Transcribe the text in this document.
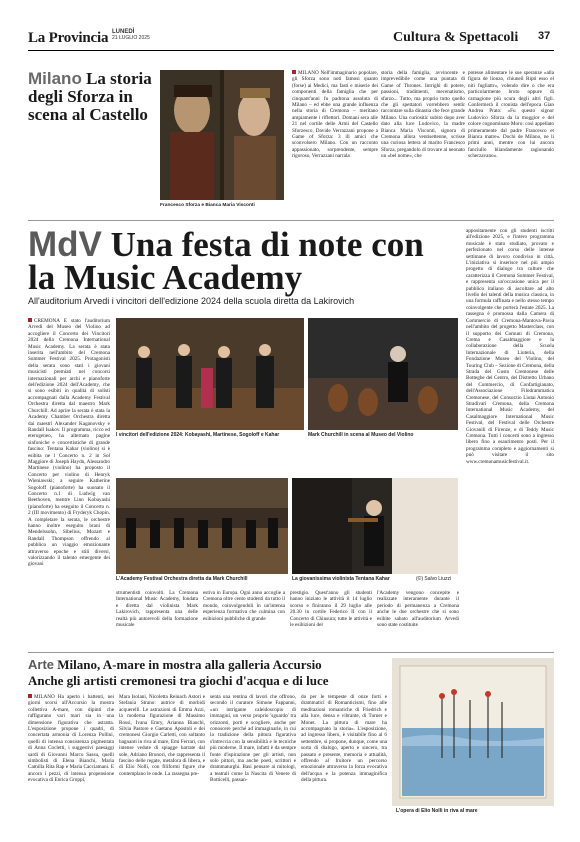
La Provincia LUNEDÌ
21 LUGLIO 2025	Cultura & Spettacoli 37
Milano La storia degli Sforza in scena al Castello
Francesco Sforza e Bianca Maria Visconti
MILANO Nell'immaginario popolare, gli Sforza sono noti famosi quanto (forse) ai Medici, ma fasti e miserie dei componenti della famiglia che per cinquant'anni fu padrona assoluta di Milano – ed ebbe una grande influenza nella storia di Cremona – meritano ampiamente i riflettori. Domani sera alle 21 nel cortile delle Armi del Castello Sforzesco, Davide Verrazzani propone a Game of Sforza: 3 ill amici che sconvolsero Milano. Con un racconto appassionato, sorprendente, sempre rigoroso, Verrazzani narrala
storia della famiglia, avvincente e imprevedibile come una puntata di Game of Thrones. Intrighi di potere, passioni, tradimenti, mecenatismo, sfarzo... Tutto, ma proprio tutto quello che gli spettatori vorrebbero sentir raccontare sulla dinastia che fece grande Milano. Una curiosità: subito dopo aver dato alla luce Ludovico, la madre Bianca Maria Visconti, signora di Cremona allora ventisettenne, scrisse una curiosa lettera al marito Francesco Sforza, pregandolo di trovare al neonato un «bel nome», che
potesse alimentare le sue speranze «alla figura de lionzo, chiuneil Ripti esso el niti fugliattr», volendo dire o che era particolarmente bruto oppure di carnagione più scura degli altri figli. Confermerà il cronista dell'epoca Gian Andrea Prato: «Fu questo signor Ludovico Sforza da la moggior e del colore cognominato Moro: così appellato primeramente dal padre Francesco et Bianca matre». Dochi de Milano, ne li primi anni, mentre con lui ancora fanciullo bliandamente ragionando scherzavano».
MdV Una festa di note con la Music Academy
All'auditorium Arvedi i vincitori dell'edizione 2024 della scuola diretta da Lakirovich
CREMONA È stato l'auditorium Arvedi del Museo del Violino ad accogliere il Concerto dei Vincitori 2024 della Cremona International Music Academy. La serata è stata inserita nell'ambito del Cremona Summer Festival 2025. Protagonisti della serata sono stati i giovani musicisti premiati nei concorsi internazionali per archi e pianoforte dell'edizione 2024 dell'Academy, che si sono esibiti in qualità di solisti accompagnati dalla Academy Festival Orchestra diretta dal maestro Mark Churchill. Ad aprire la serata è stata la Academy Chamber Orchestra diretta dai maestri Alexander Kaganovsky e Randall Isakov. Il programma, ricco ed eterogeneo, ha alternato pagine sinfoniche e concertistiche di grande fascino: Tentana Kahar (violino) si è esibita ne l Concerto n. 2 in Sol Maggiore di Joseph Haydn, Alessandro Martinese (violino) ha proposto il Concerto per violino di Henryk Wieniawski; a seguire Katherine Sogoloff (pianoforte) ha suonato il Concerto n.1 di Ludwig van Beethoven, mentre Linn Kobayashi (pianoforte) ha eseguito il Concerto n. 2 (III movimento) di Fryderyk Chopin. A completare la serata, le orchestre hanno inoltre eseguito brani di Mendelssohn, Sibelius, Mozart e Randall Thompson offrendo al pubblico un viaggio emozionante attraverso epoche e stili diversi, valorizzando il talento emergente dei giovani
I vincitori dell'edizione 2024: Kobayashi, Martinese, Sogoloff e Kahar	Mark Churchill in scena al Museo del Violino
L'Academy Festival Orchestra diretta da Mark Churchill	La giovanissima violinista Tentana Kahar	(©) Salvo Liuzzi
appositamente con gli studenti iscritti all'edizione 2025, e l'intero programma musicale è stato studiato, provato e perfezionato nel corso delle intense settimane di lavoro condiviso in città. L'iniziativa si inserisce nel più ampio progetto di dialogo tra culture che caratterizza il Cremona Summer Festival, e rappresenta un'occasione unica per il pubblico italiano di ascoltare ad alto livello dei talenti della musica classica, in una formula raffinata e nello stesso tempo coinvolgente che porterà l'estate 2025. La rassegna è promossa dalla Camera di Commercio di Cremona-Mantova-Pavia nell'ambito del progetto Masterclass, con il supporto dei Comuni di Cremona, Crema e Casalmaggiore e la collaborazione della Scuola Internazionale di Liuteria, della Fondazione Museo del Violino, del Touring Club – Sezione di Cremona, della Strada del Gusto Cremonese delle Botteghe del Centro, del Distretto Urbano del Commercio, di Confartigianato, dell'Associazione Filodrammatica Cremonese, del Consorzio Liutai Antonio Stradivari Cremona, della Cremona International Music Academy, del Casalmaggiore International Music Festival, del Festival delle Orchestre Giovanili di Firenze, e di Teddy Music Cremona. Tutti i concerti sono a ingresso libero fino a esaurimento posti. Per il programma completo e aggiornamenti si può visitare il sito www.cremonamusicfestival.it.
strumentisti coinvolti. La Cremona International Music Academy, fondata e diretta dal violinista Mark Lakirovich, rappresenta una delle realtà più autorevoli della formazione musicale
estiva in Europa. Ogni anno accoglie a Cremona oltre cento studenti da tutto il mondo, coinvolgendoli in un'intensa esperienza formativa che culmina con esibizioni pubbliche di grande
prestigio. Quest'anno gli studenti hanno iniziato le attività il 14 luglio scorso e finiranno il 29 luglio alle 20.30 in cortile Federico II con il Concerto di Chiusura; tutte le attività e le esibizioni del
l'Academy vengono concepite e realizzate interamente durante il periodo di permanenza a Cremona anche le due orchestre che si sono esibite sabato all'auditorium Arvedi sono state costituite
Arte Milano, A-mare in mostra alla galleria Accursio
Anche gli artisti cremonesi tra giochi d'acqua e di luce
MILANO Ha aperto i battenti, nei giorni scorsi all'Accursio la mostra collettiva A-mare, con dipinti che raffigurano vari mari sia in una dimensione figurativa che astratta. L'esposizione propone i quadri, di concertata armonia di Lorenza Pollini, quelli di intensa consistenza pigmentata di Anna Cocletti, i suggestivi paesaggi sardi di Giovanni Marco Sassu, quelli simbolisti di Elena Bianchi, Maria Camilla Rita Rap e Maria Cacciamani. E ancora i pezzi, di intensa propensione evocativa di Enrica Groppi,
Mara Isolani, Nicoletta Reinach Astori e Stefania Strano: autrice di morbidi acquerelli. Le astrazioni di Emma Azzi, la moderna figurazione di Massimo Rossi, Ivana Emry, Arianna Bianchi, Silvia Pastore e Gaetano Apostoli e dei cremonesi Giorgio Carletti, con soltanto bagnanti in riva al mare, Emi Ferrari, con intense vedute di spiagge barrate dal sole, Adriano Brunori, che rappresenta il fascino delle regate, metafora di libera, e di Elio Nolli, con filiformi figure che contemplano le onde. La rassegna pre-
senta una rentina di lavori che offrono, secondo il curatore Simone Fappanni, «un intrigante caleidoscopio di immagini, un verso proprio 'sguardo' tra orizzonti, porti e scogliere, anche per conoscere perché ad immaginarle, in cui la tradizione della pittura figurativa s'intreccia con la sensibilità e le tecniche più moderne. Il mare, infatti è da sempre fonte d'ispirazione per gli artisti, non solo pittori, ma anche poeti, scrittori e drammaturghi. Basi pensare ai mitologi, a teatrali come la Nascita di Venere di Botticelli, passan-
do per le tempeste di onze forti e drammatici di Romanticismi, fino alle meditazioni romantiche di Friedrich e alla luce, densa e vibrante, di Turner e Monet. La pittura di mare ha accompagnato la storia». L'esposizione, ad ingresso libero, è visitabile fino al 6 settembre, si propone, dunque, come una sorta di dialogo, aperto e sincero, tra passato e presente, memoria e attualità, offrendo al fruitore un percorso emozionale attraverso la forza evocativa dell'acqua e la potenza immaginifica della pittura.
L'opera di Elio Nolli in riva al mare
